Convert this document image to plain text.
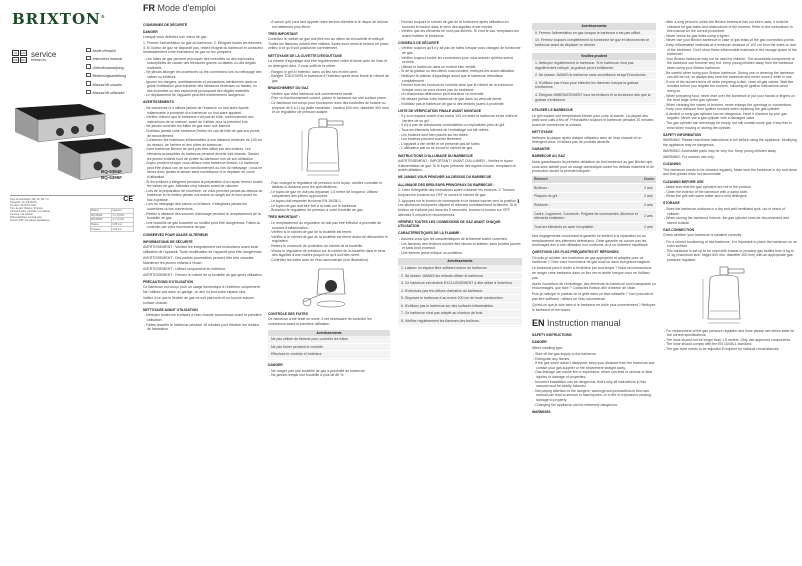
BRIXTON®
NL	FR
DE	EN
service
brixton.eu
Mode d'emploi
Instruction manual
Gebruiksaanwijzing
Bedienungsanleitung
Manual de usuario
Manual de utilizador
BQ-6394F
BQ-6395F
CE
Pays de destination: BE, NL, FR, LU
Categorie: I3+ (28-30/37)
Pression: 28-30/37 mbar
Type de gaz: Butane / Propane
Consommation nominale: voir tableau
Injecteur: voir tableau
Débit calorifique nominal total
Numéro PIN: voir plaque signalétique
Brûleur	Injecteur
BQ-6394F	3 x 3,0 kW
BQ-6395F	2 x 3,0 kW
Butane	0.88 mm
Propane	0.88 mm
FR Mode d'emploi
CONSIGNES DE SÉCURITÉ
DANGER

Lorsque vous détectez une odeur de gaz :

1. Fermez l'alimentation du gaz du barbecue. 2. Éteignez toutes les flammes. 3. Si l'odeur de gaz ne disparaît pas, restez éloigné du barbecue et contactez immédiatement votre fournisseur de gaz ou les pompiers.

- Les fuites de gaz peuvent provoquer des incendies ou des explosions susceptibles de causer des blessures graves ou fatales ou des dégâts matériels.
- Ne jamais allonger les ouvertures ou les connexions lors du nettoyage des valves ou brûleurs.
- Ignorer les dangers, avertissements et précautions mentionnés dans ce guide d'utilisation peut entraîner des blessures sérieuses ou fatales, ou des incendies ou des explosions provoquant des dégâts matériels.
- Le déplacement de l'appareil peut être extrêmement dangereux.
AVERTISSEMENTS
- Ne conservez ni n'utilisez jamais de l'essence ou tout autre liquide inflammable à proximité d'un barbecue ou tout autre appareil.
- Vérifiez d'abord que le barbecue n'ait pas de fuite, conformément aux instructions de ce manuel, avant de l'utiliser pour la première fois.
- Ne jamais contrôler les fuites de gaz avec une flamme.
- N'utilisez jamais votre barbecue Brixton en cas de fuite de gaz aux points de raccordement.
- Conservez les matériaux inflammables à une distance minimale de 100 cm du dessus, de l'arrière et des côtés du barbecue.
- Votre barbecue Brixton ne peut pas être utilisé par des enfants. Les éléments accessibles du barbecue peuvent devenir très chauds. Gardez les jeunes enfants hors de portée du barbecue lors de son utilisation.
- Soyez prudent lorsque vous utilisez votre barbecue Brixton. Le barbecue peut être chaud lors de son fonctionnement ou lors du nettoyage ; vous ne devez donc jamais le laisser sans surveillance ni le déplacer en cours d'utilisation.
- Si les brûleurs s'éteignent pendant la préparation d'un repas, fermez toutes les valves de gaz. Attendez cinq minutes avant de rallumer.
- Lors de la préparation de nourriture, ne vous penchez jamais au-dessus du barbecue et ne mettez jamais vos mains ou doigts sur le bord avant du bac à graisse.
- Lors du nettoyage des valves ou brûleurs, n'élargissez jamais les ouvertures ou les connexions.
- Restez à distance des sources d'allumage pendant le remplacement de la bouteille de gaz.
- Une bouteille de gaz bosselée ou rouillée peut être dangereuse. Faites-la contrôler par votre fournisseur de gaz.
CONSERVEZ POUR USAGE ULTÉRIEUR
INFORMATIONS DE SÉCURITÉ

AVERTISSEMENT : Veuillez lire intégralement ces instructions avant toute utilisation de l'appareil. Toute modification de l'appareil peut être dangereuse.

AVERTISSEMENT : Des parties accessibles peuvent être très chaudes. Maintenez les jeunes enfants à l'écart.

AVERTISSEMENT : Utilisez uniquement en extérieur.

AVERTISSEMENT : Fermez le robinet de la bouteille de gaz après utilisation.

PRÉCAUTIONS D'UTILISATION

Ce barbecue est conçu pour un usage domestique à l'extérieur uniquement. Ne l'utilisez pas dans un garage, un abri ou tout autre espace clos.

Veillez à ce que le flexible de gaz ne soit pas tordu et ne touche aucune surface chaude.

NETTOYAGE AVANT UTILISATION
- Nettoyez toutes les surfaces à l'eau chaude savonneuse avant la première utilisation.
- Faites chauffer le barbecue pendant 15 minutes pour éliminer les résidus de fabrication.
- À savoir qu'il vous faut appeler notre service clientèle si le risque de brûlure est nettement plus élevé.
TRÈS IMPORTANT

Contrôlez le robinet de gaz doit être mis au milieu de la bouteille et nettoyé. Toutes les flammes doivent être visibles. Après avoir remis le brûleur en place, veillez à ce qu'il soit positionné correctement.

NETTOYAGE DE LA CUVETTE D'ÉGOUTTAGE

La cuvette d'égouttage doit être régulièrement vidée et lavée avec de l'eau et un détergent doux. Il vous suffit de la retirer.

- Rangez le gril à l'intérieur, dans un lieu sec et bien aéré.
- Rangez TOUJOURS le barbecue à l'intérieur après avoir fermé le robinet de gaz.
BRANCHEMENT DU GAZ
- Vérifiez que votre barbecue soit correctement monté.
- Pour un fonctionnement correct, placez le barbecue sur une surface plane.
- Ce barbecue est conçu pour fonctionner avec des bouteilles de butane ou propane de 5 à 11 kg (taille maximale : hauteur 500 mm, diamètre 300 mm) et un régulateur de pression adapté.
- Pour changer le régulateur de pression ou le tuyau, veuillez consulter le tableau ci-dessous pour les spécifications.
- Le tuyau de gaz ne doit pas dépasser 1,5 mètre de longueur. Utilisez uniquement des pièces approuvées.
- Le tuyau doit respecter la norme EN 16436-1.
- Le tuyau de gaz doit être fixé à la main sur le barbecue.
- Branchez le régulateur de pression à votre bouteille de gaz.
TRÈS IMPORTANT :
- Le remplacement du régulateur ne doit pas être effectué à proximité de sources d'inflammation.
- Vérifiez si le robinet de gaz de la bouteille est fermé.
- Vérifiez si le robinet de gaz de la bouteille est fermé avant de débrancher le régulateur.
- Retirez le couvercle de protection du robinet de la bouteille.
- Vissez le régulateur de pression sur le robinet de la bouteille dans le sens des aiguilles d'une montre jusqu'à ce qu'il soit bien serré.
- Contrôlez les fuites avec de l'eau savonneuse (voir illustration).
CONTRÔLE DES FUITES

Ce barbecue a été testé en usine. Il est nécessaire de contrôler les connexions avant la première utilisation.

Avertissements
Ne pas utiliser de flamme pour contrôler les fuites.
Ne pas fumer pendant le contrôle.
Effectuez le contrôle à l'extérieur.
DANGER
- Ne rangez pas une bouteille de gaz à proximité du barbecue.
- Ne jamais remplir une bouteille à plus de 80 %.
- Fermez toujours le robinet de gaz de la bonbonne après utilisation en tournant le bouton dans le sens des aiguilles d'une montre.
- Vérifiez que les éléments ne sont pas abîmés. Si c'est le cas, remplacez-les avant d'utiliser le barbecue.
CONSEILS DE SÉCURITÉ
- Vérifiez toujours qu'il n'y ait pas de fuites lorsque vous changez de bonbonne de gaz.
- Vérifiez toujours toutes les connexions pour vous assurer qu'elles soient serrées.
- Utilisez le barbecue dans un endroit bien ventilé.
- Si de la graisse ou des débris s'accumulent, nettoyez-les avant utilisation.
- Nettoyez le plateau d'égouttage avant que le barbecue refroidisse complètement.
- Fermez tous les boutons de contrôle ainsi que le robinet de la bonbonne lorsque vous ne vous servez pas du barbecue.
- Un chalumeau défectueux peut entraîner un incendie.
- Ne laissez jamais votre barbecue de gaz dans un véhicule fermé.
- N'utilisez pas le barbecue de gaz si des enfants jouent à proximité.
LISTE DE VÉRIFICATION FINALE AVANT MONTAGE
- Il y a un espace ouvert d'au moins 100 cm entre le barbecue et les côtés et l'arrière de ce gril.
- Il n'y a pas de substances combustibles ou explosibles près du gril.
- Tous les éléments internes de l'emballage ont été retirés.
- Les brûleurs sont bien placés sur les tubes.
- Les brûleurs peuvent tourner librement.
- L'appareil a été vérifié et ne présente pas de fuites.
- L'utilisateur sait où se trouve le robinet de gaz.
INSTRUCTIONS D'ALLUMAGE DU BARBECUE

AVERTISSEMENT : IMPORTANT ! AVANT D'ALLUMER : Vérifiez le tuyau d'alimentation de gaz. Si le tuyau présente des signes d'usure, remplacez-le avant utilisation.

NE JAMAIS VOUS PENCHER AU-DESSUS DU BARBECUE
ALLUMAGE DES BRÛLEURS PRINCIPAUX DU BARBECUE :

1. Lisez l'intégralité des instructions avant d'allumer les brûleurs. 2. Tournez toujours les boutons sur OFF et ouvrez le robinet de gaz.

3. Appuyez sur le bouton de commande en le faisant tourner vers la position ❚. Les allumeurs incorporés cliquent et allument simultanément la flamme. Si le brûleur ne s'allume pas dans les 5 secondes, tournez le bouton sur OFF, attendez 5 minutes et recommencez.

VÉRIFIEZ TOUTES LES CONNEXIONS DE GAZ AVANT CHAQUE UTILISATION
CARACTÉRISTIQUES DE LA FLAMME :
- Assurez-vous que les caractéristiques de la flamme soient correctes.
- Les flammes des brûleurs doivent être bleues et stables, sans pointes jaunes et sans bruit excessif.
- Une flamme jaune indique un problème.
Avertissements
1. Laissez un espace libre suffisant autour du barbecue.
2. Ne laissez JAMAIS les enfants utiliser le barbecue.
3. Ce barbecue est destiné EXCLUSIVEMENT à être utilisé à l'extérieur.
4. N'obstruez pas les orifices d'aération du barbecue.
5. Disposez le barbecue à au moins 100 cm de toute construction.
6. N'utilisez pas le barbecue sur des surfaces inflammables.
7. Ce barbecue n'est pas adapté au charbon de bois.
8. Vérifiez régulièrement les flammes des brûleurs.
Avertissements
9. Fermez l'alimentation en gaz lorsque le barbecue n'est pas utilisé.
10. Fermez toujours complètement la bonbonne de gaz et déconnectez le barbecue avant de déplacer ce dernier.
Veuillez prudent
1. Nettoyez régulièrement le barbecue. Si le barbecue n'est pas régulièrement nettoyé, la graisse peut s'enflammer.
2. Ne laissez JAMAIS le barbecue sans surveillance lorsqu'il fonctionne.
3. N'utilisez pas d'eau pour éteindre les flammes lorsque la graisse s'enflamme.
4. Éteignez IMMÉDIATEMENT tous les brûleurs et la bonbonne dès que la graisse s'enflamme.
UTILISER LE BARBECUE

Le gril requiert une température élevée pour cuire la viande. La plupart des plats sont cuits à feu vif. Préchauffez toujours le barbecue pendant 10 minutes avant de commencer la cuisson.

NETTOYAGE

Nettoyez la plaque après chaque utilisation avec de l'eau chaude et un détergent doux. N'utilisez pas de produits abrasifs.

GARANTIE
BARBECUE AU GAZ

Nous garantissons la première utilisation de tout barbecue au gaz Brixton que vous avez acheté pour un usage domestique contre les défauts matériels et de production durant la période indiquée.

Élément	Durée
Brûleurs :	2 ans
Plaques de gril :	2 ans
Robinets :	2 ans
Cadre, Logement, Couvercle, Poignée de commandes, Allumeur et éléments similaires :	2 ans
Tous les éléments en acier inoxydable :	2 ans

Nos engagements concernant la garantie se limitent à la réparation ou au remplacement des éléments défectueux. Cette garantie ne couvre pas les dommages dus à une utilisation non conforme ou à un entretien insuffisant.

QUESTIONS LES PLUS FRÉQUENTES ET RÉPONSES

Où puis-je acheter une bonbonne de gaz appropriée et adaptée pour ce barbecue ? Chez votre fournisseur de gaz local ou dans tout grand magasin.

Le barbecue peut-il rester à l'extérieur par tout temps ? Nous recommandons de ranger votre barbecue dans un lieu sec et abrité lorsque vous ne l'utilisez pas.

Après l'ouverture de l'emballage, des éléments du barbecue sont manquants ou endommagés, que faire ? Contactez Brixton afin d'obtenir de l'aide.

Puis-je nettoyer le plateau ou la grille dans un lave-vaisselle ? Ceci pourrait ne pas être suffisant ; utilisez de l'eau savonneuse.

Qu'est-ce que je dois faire si le barbecue ne brûle plus correctement ? Nettoyez le barbecue et les buses.

EN Instruction manual
SAFETY INSTRUCTIONS
DANGER

When smelling gas:

- Shut off the gas supply to the barbecue.
- Extinguish any flames.
- If the gas smell doesn't disappear, keep your distance from the barbecue and contact your gas supplier or fire department straight away.
- Gas leakage can cause fire or explosions, which can lead to serious or fatal injuries or damage of properties.
- Incorrect installation can be dangerous, that's why all instructions in this manual must be strictly followed.
- Not paying attention to the dangers, warnings and precautions in this user manual can lead to serious or fatal injuries, or to fire or explosions causing damage to property.
- Changing the appliance can be extremely dangerous.
WARNINGS
- After a long period in which the Brixton barbecue has not been used, it must be checked for gas leaks and obstructions of the burners. Refer to the instructions in this manual for the correct procedure.
- Never check for gas leaks using a lighter.
- Never use your Brixton barbecue in case of gas leaks at the gas connection points.
- Keep inflammable materials at a minimum distance of 100 cm from the sides or rear of the barbecue. Don't store these inflammable materials in the storage space of the barbecue!
- Your Brixton barbecue may not be used by children. The accessible components of the barbecue can become very hot. Keep young children away from the barbecue when using your Brixton barbecue.
- Be careful when using your Brixton barbecue. During use or cleaning the barbecue can still be hot, so always stay near the barbecue and never move it while in use.
- If one of the burners turns off while preparing a dish, close all gas valves. Wait five minutes before you reignite the burners, following all ignition instructions when doing so.
- When preparing food, never lean over the barbecue or put your hands or fingers on the front edge of the gas cylinder.
- When cleaning the valves or burners, never enlarge the openings or connections.
- Keep your distance from ignition sources when replacing the gas cylinder.
- A dented or rusty gas cylinder can be dangerous. Have it checked by your gas supplier. Never use a gas cylinder with a damaged valve.
- The gas cylinder can seemingly be empty, but still contain some gas. Keep this in mind when moving or storing the cylinder.
SAFETY INFORMATION

WARNING: Please read these instructions in full before using the appliance. Modifying the appliance may be dangerous.

WARNING: Accessible parts may be very hot. Keep young children away.

WARNING: For outdoor use only.

CLEANING

This barbecue needs to be cleaned regularly. Make sure the barbecue is dry and clean and that grease does not accumulate.

CLEANING BEFORE USE
- Make sure that the gas cylinders are not in the product.
- Clean the exterior of the barbecue with a damp cloth.
- Rinse the grill with warm water and a mild detergent.
STORAGE
- Store the barbecue outdoors in a dry and well-ventilated spot, out of reach of children.
- When storing the barbecue indoors, the gas cylinder must be disconnected and stored outside.
GAS CONNECTION

Check whether your barbecue is installed correctly.

- For a correct functioning of this barbecue, it is important to place the barbecue on an even surface.
- This barbecue is set up to be used with butane or propane gas bottles from 5 kg to 11 kg (maximum size; height 500 mm, diameter 300 mm) with an appropriate gas pressure regulator.
- For replacement of the gas pressure regulator and hose please see below table for the correct specifications.
- The hose should not be longer than 1.5 meters. Only use approved components.
- The hose should comply with the EN 16436-1 standard.
- The gas hose needs to be adjusted if required by national circumstances.
